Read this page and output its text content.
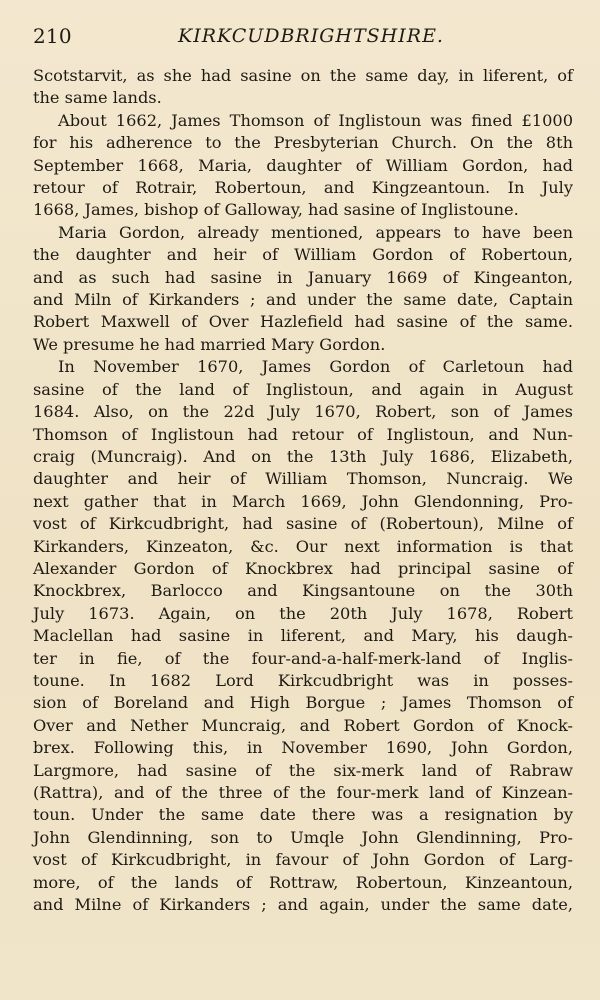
210	KIRKCUDBRIGHTSHIRE.

Scotstarvit, as she had sasine on the same day, in liferent, of
the same lands.

About 1662, James Thomson of Inglistoun was fined £1000
for his adherence to the Presbyterian Church. On the 8th
September 1668, Maria, daughter of William Gordon, had
retour of Rotrair, Robertoun, and Kingzeantoun. In July
1668, James, bishop of Galloway, had sasine of Inglistoune.

Maria Gordon, already mentioned, appears to have been
the daughter and heir of William Gordon of Robertoun,
and as such had sasine in January 1669 of Kingeanton,
and Miln of Kirkanders ; and under the same date, Captain
Robert Maxwell of Over Hazlefield had sasine of the same.
We presume he had married Mary Gordon.

In November 1670, James Gordon of Carletoun had
sasine of the land of Inglistoun, and again in August
1684. Also, on the 22d July 1670, Robert, son of James
Thomson of Inglistoun had retour of Inglistoun, and Nun-
craig (Muncraig). And on the 13th July 1686, Elizabeth,
daughter and heir of William Thomson, Nuncraig. We
next gather that in March 1669, John Glendonning, Pro-
vost of Kirkcudbright, had sasine of (Robertoun), Milne of
Kirkanders, Kinzeaton, &c. Our next information is that
Alexander Gordon of Knockbrex had principal sasine of
Knockbrex, Barlocco and Kingsantoune on the 30th
July 1673. Again, on the 20th July 1678, Robert
Maclellan had sasine in liferent, and Mary, his daugh-
ter in fie, of the four-and-a-half-merk-land of Inglis-
toune. In 1682 Lord Kirkcudbright was in posses-
sion of Boreland and High Borgue ; James Thomson of
Over and Nether Muncraig, and Robert Gordon of Knock-
brex. Following this, in November 1690, John Gordon,
Largmore, had sasine of the six-merk land of Rabraw
(Rattra), and of the three of the four-merk land of Kinzean-
toun. Under the same date there was a resignation by
John Glendinning, son to Umqle John Glendinning, Pro-
vost of Kirkcudbright, in favour of John Gordon of Larg-
more, of the lands of Rottraw, Robertoun, Kinzeantoun,
and Milne of Kirkanders ; and again, under the same date,
